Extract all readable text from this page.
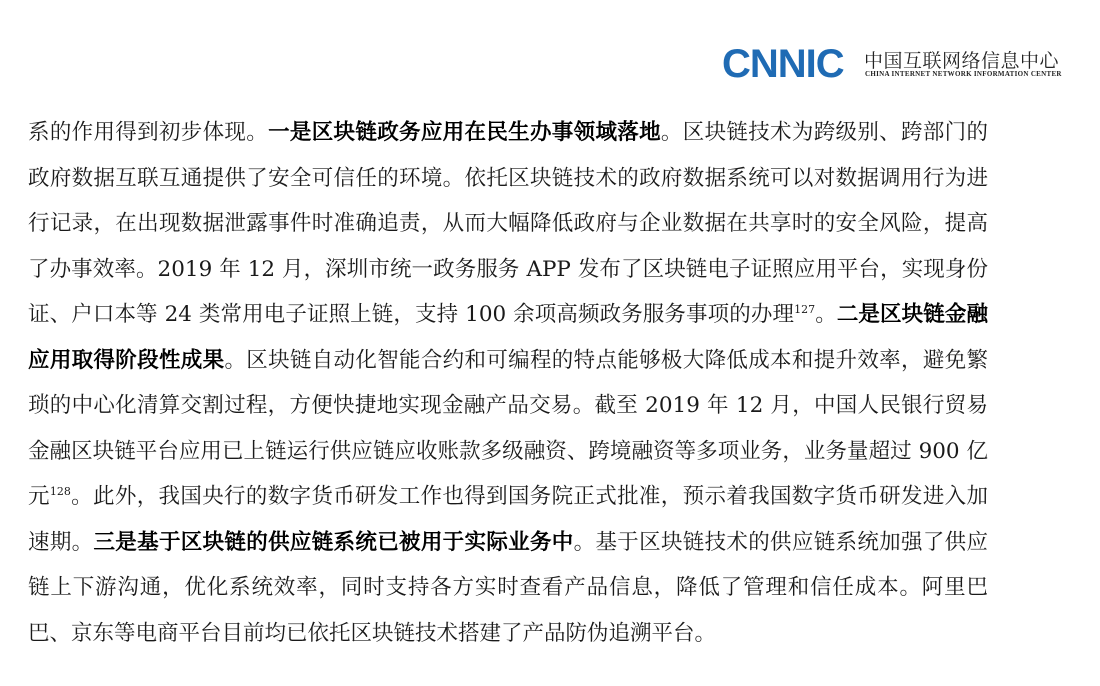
CNNIC 中国互联网络信息中心
CHINA INTERNET NETWORK INFORMATION CENTER

系的作用得到初步体现。一是区块链政务应用在民生办事领域落地。区块链技术为跨级别、跨部门的政府数据互联互通提供了安全可信任的环境。依托区块链技术的政府数据系统可以对数据调用行为进行记录，在出现数据泄露事件时准确追责，从而大幅降低政府与企业数据在共享时的安全风险，提高了办事效率。2019 年 12 月，深圳市统一政务服务 APP 发布了区块链电子证照应用平台，实现身份证、户口本等 24 类常用电子证照上链，支持 100 余项高频政务服务事项的办理$^{127}$。二是区块链金融应用取得阶段性成果。区块链自动化智能合约和可编程的特点能够极大降低成本和提升效率，避免繁琐的中心化清算交割过程，方便快捷地实现金融产品交易。截至 2019 年 12 月，中国人民银行贸易金融区块链平台应用已上链运行供应链应收账款多级融资、跨境融资等多项业务，业务量超过 900 亿元$^{128}$。此外，我国央行的数字货币研发工作也得到国务院正式批准，预示着我国数字货币研发进入加速期。三是基于区块链的供应链系统已被用于实际业务中。基于区块链技术的供应链系统加强了供应链上下游沟通，优化系统效率，同时支持各方实时查看产品信息，降低了管理和信任成本。阿里巴巴、京东等电商平台目前均已依托区块链技术搭建了产品防伪追溯平台。
